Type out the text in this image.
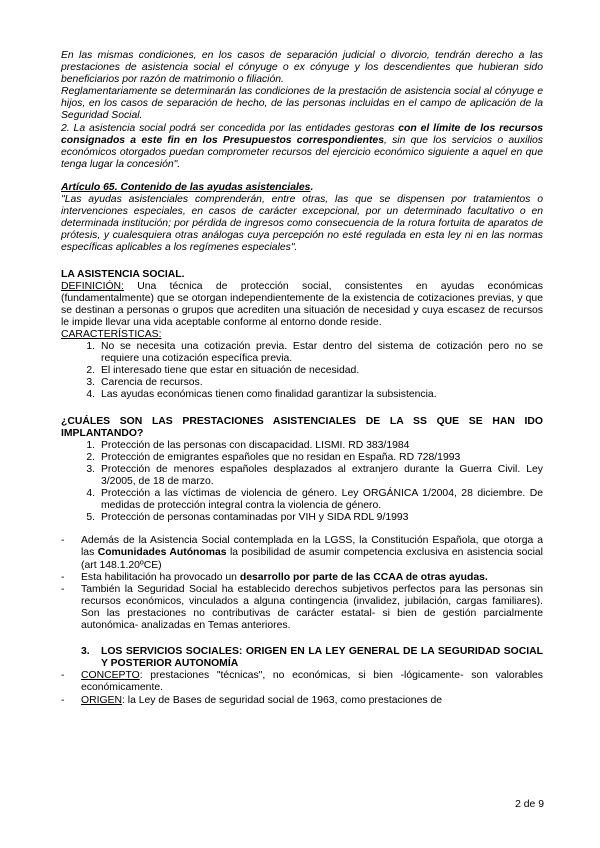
En las mismas condiciones, en los casos de separación judicial o divorcio, tendrán derecho a las prestaciones de asistencia social el cónyuge o ex cónyuge y los descendientes que hubieran sido beneficiarios por razón de matrimonio o filiación.

Reglamentariamente se determinarán las condiciones de la prestación de asistencia social al cónyuge e hijos, en los casos de separación de hecho, de las personas incluidas en el campo de aplicación de la Seguridad Social.

2. La asistencia social podrá ser concedida por las entidades gestoras con el límite de los recursos consignados a este fin en los Presupuestos correspondientes, sin que los servicios o auxilios económicos otorgados puedan comprometer recursos del ejercicio económico siguiente a aquel en que tenga lugar la concesión".

Artículo 65. Contenido de las ayudas asistenciales.

"Las ayudas asistenciales comprenderán, entre otras, las que se dispensen por tratamientos o intervenciones especiales, en casos de carácter excepcional, por un determinado facultativo o en determinada institución; por pérdida de ingresos como consecuencia de la rotura fortuita de aparatos de prótesis, y cualesquiera otras análogas cuya percepción no esté regulada en esta ley ni en las normas específicas aplicables a los regímenes especiales".

LA ASISTENCIA SOCIAL.

DEFINICIÓN: Una técnica de protección social, consistentes en ayudas económicas (fundamentalmente) que se otorgan independientemente de la existencia de cotizaciones previas, y que se destinan a personas o grupos que acrediten una situación de necesidad y cuya escasez de recursos le impide llevar una vida aceptable conforme al entorno donde reside.

CARACTERÍSTICAS:

1. No se necesita una cotización previa. Estar dentro del sistema de cotización pero no se requiere una cotización específica previa.
2. El interesado tiene que estar en situación de necesidad.
3. Carencia de recursos.
4. Las ayudas económicas tienen como finalidad garantizar la subsistencia.

¿CUÁLES SON LAS PRESTACIONES ASISTENCIALES DE LA SS QUE SE HAN IDO IMPLANTANDO?

1. Protección de las personas con discapacidad. LISMI. RD 383/1984
2. Protección de emigrantes españoles que no residan en España. RD 728/1993
3. Protección de menores españoles desplazados al extranjero durante la Guerra Civil. Ley 3/2005, de 18 de marzo.
4. Protección a las víctimas de violencia de género. Ley ORGÁNICA 1/2004, 28 diciembre. De medidas de protección integral contra la violencia de género.
5. Protección de personas contaminadas por VIH y SIDA RDL 9/1993
- Además de la Asistencia Social contemplada en la LGSS, la Constitución Española, que otorga a las Comunidades Autónomas la posibilidad de asumir competencia exclusiva en asistencia social (art 148.1.20ºCE)
- Esta habilitación ha provocado un desarrollo por parte de las CCAA de otras ayudas.
- También la Seguridad Social ha establecido derechos subjetivos perfectos para las personas sin recursos económicos, vinculados a alguna contingencia (invalidez, jubilación, cargas familiares). Son las prestaciones no contributivas de carácter estatal- si bien de gestión parcialmente autonómica- analizadas en Temas anteriores.
3. LOS SERVICIOS SOCIALES: ORIGEN EN LA LEY GENERAL DE LA SEGURIDAD SOCIAL Y POSTERIOR AUTONOMÍA
- CONCEPTO: prestaciones "técnicas", no económicas, si bien -lógicamente- son valorables económicamente.
- ORIGEN: la Ley de Bases de seguridad social de 1963, como prestaciones de
2 de 9
